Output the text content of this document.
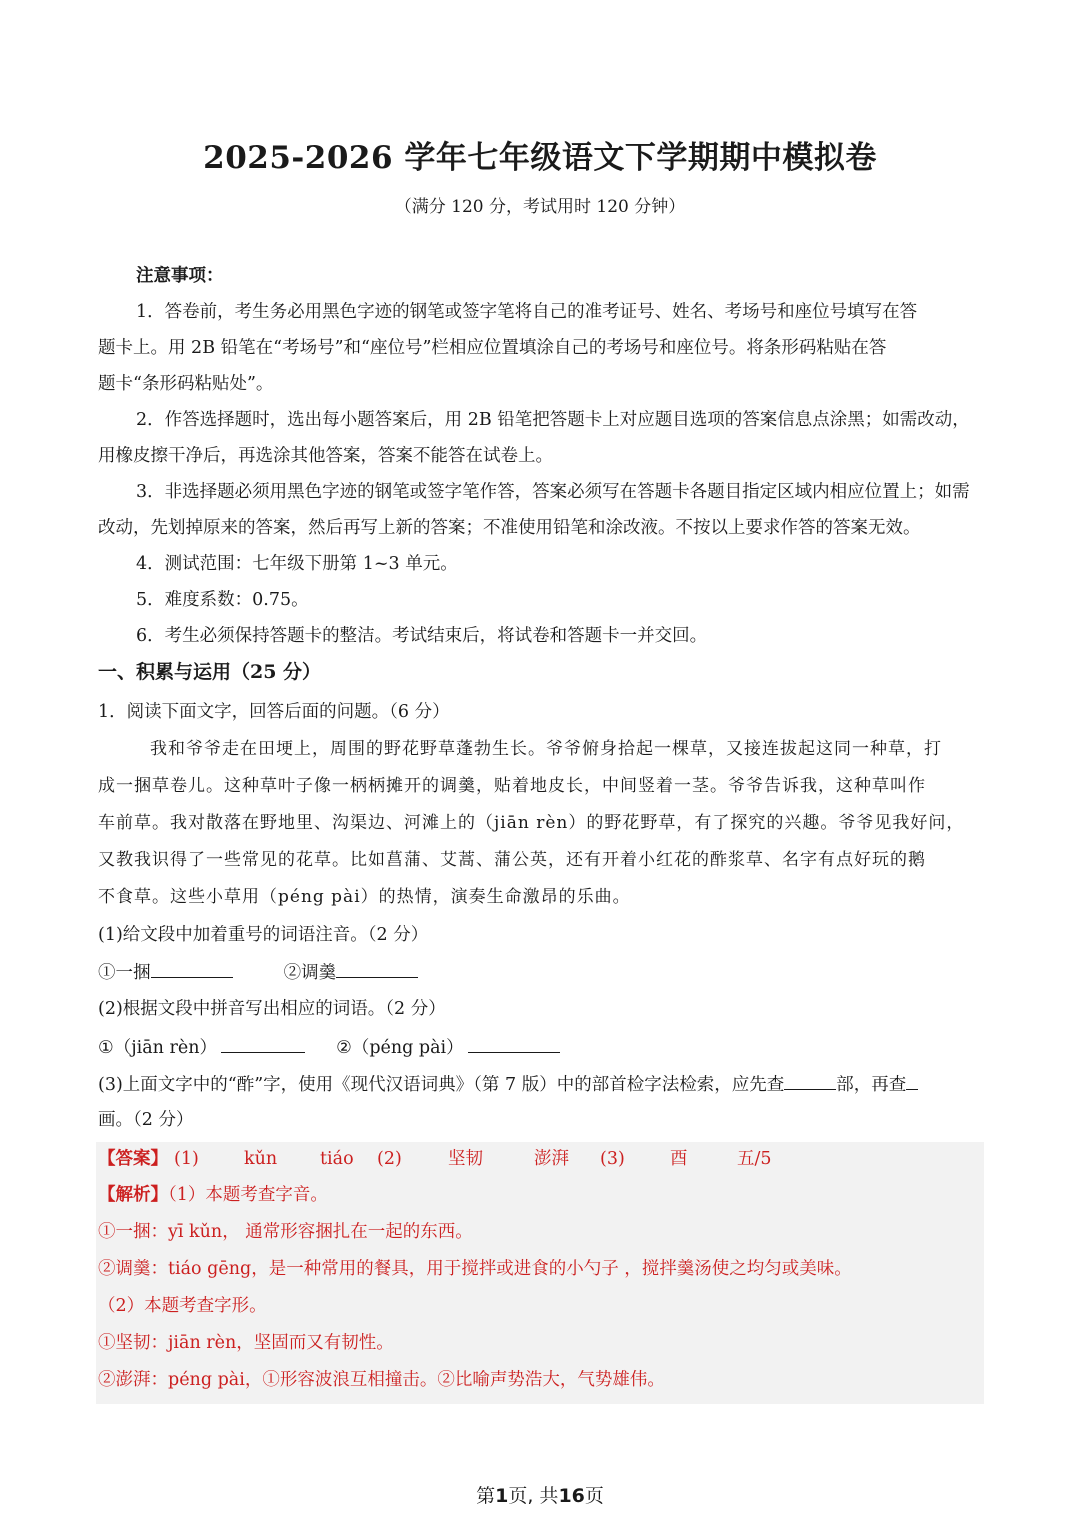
2025-2026 学年七年级语文下学期期中模拟卷
（满分 120 分，考试用时 120 分钟）
注意事项：
1．答卷前，考生务必用黑色字迹的钢笔或签字笔将自己的准考证号、姓名、考场号和座位号填写在答
题卡上。用 2B 铅笔在“考场号”和“座位号”栏相应位置填涂自己的考场号和座位号。将条形码粘贴在答
题卡“条形码粘贴处”。
2．作答选择题时，选出每小题答案后，用 2B 铅笔把答题卡上对应题目选项的答案信息点涂黑；如需改动，
用橡皮擦干净后，再选涂其他答案，答案不能答在试卷上。
3．非选择题必须用黑色字迹的钢笔或签字笔作答，答案必须写在答题卡各题目指定区域内相应位置上；如需
改动，先划掉原来的答案，然后再写上新的答案；不准使用铅笔和涂改液。不按以上要求作答的答案无效。
4．测试范围：七年级下册第 1~3 单元。
5．难度系数：0.75。
6．考生必须保持答题卡的整洁。考试结束后，将试卷和答题卡一并交回。
一、积累与运用（25 分）
1．阅读下面文字，回答后面的问题。（6 分）
我和爷爷走在田埂上，周围的野花野草蓬勃生长。爷爷俯身拾起一棵草，又接连拔起这同一种草，打
成一捆草卷儿。这种草叶子像一柄柄摊开的调羹，贴着地皮长，中间竖着一茎。爷爷告诉我，这种草叫作
车前草。我对散落在野地里、沟渠边、河滩上的（jiān rèn）的野花野草，有了探究的兴趣。爷爷见我好问，
又教我识得了一些常见的花草。比如菖蒲、艾蒿、蒲公英，还有开着小红花的酢浆草、名字有点好玩的鹅
不食草。这些小草用（péng pài）的热情，演奏生命激昂的乐曲。
(1)给文段中加着重号的词语注音。（2 分）
①一捆	②调羹
(2)根据文段中拼音写出相应的词语。（2 分）
①（jiān rèn）	②（péng pài）
(3)上面文字中的“酢”字，使用《现代汉语词典》（第 7 版）中的部首检字法检索，应先查	部，再查
画。（2 分）
【答案】 (1)	kǔn tiáo (2)	坚韧	澎湃 (3)	酉	五/5
【解析】（1）本题考查字音。
①一捆：yī kǔn， 通常形容捆扎在一起的东西。
②调羹：tiáo gēng，是一种常用的餐具，用于搅拌或进食的小勺子 ，搅拌羹汤使之均匀或美味。
（2）本题考查字形。
①坚韧：jiān rèn，坚固而又有韧性。
②澎湃：péng pài，①形容波浪互相撞击。②比喻声势浩大，气势雄伟。
第1页, 共16页
